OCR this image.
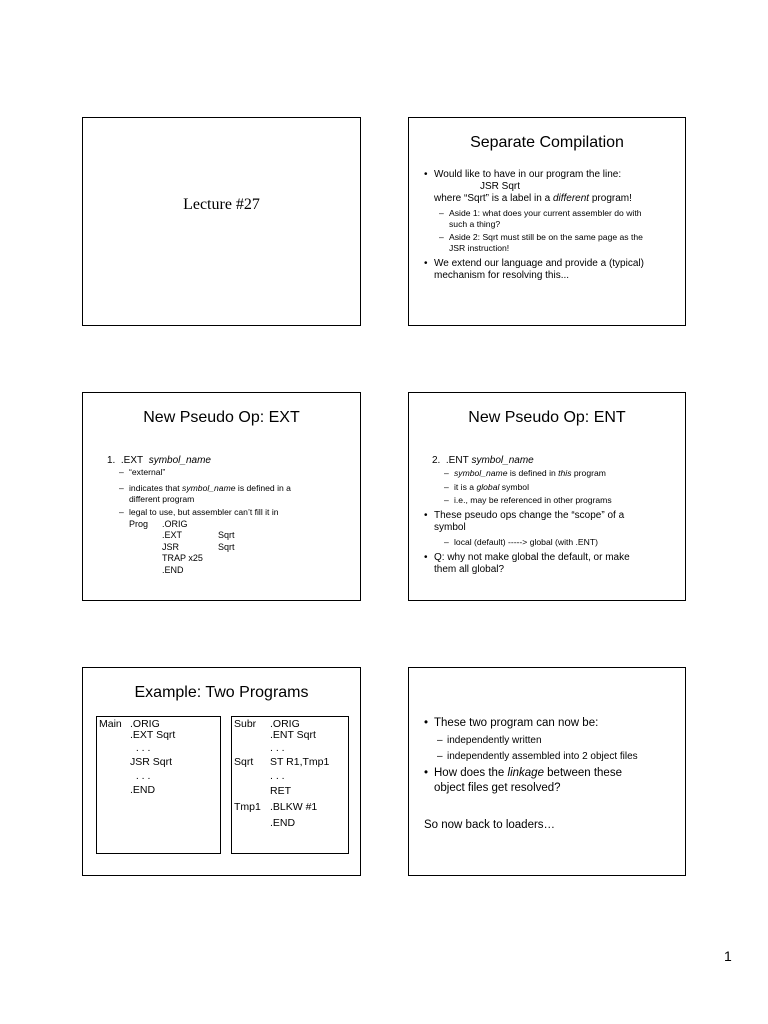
Lecture #27
Separate Compilation
• Would like to have in our program the line:
JSR Sqrt
where “Sqrt” is a label in a different program!
– Aside 1: what does your current assembler do with
such a thing?
– Aside 2: Sqrt must still be on the same page as the
JSR instruction!
• We extend our language and provide a (typical)
mechanism for resolving this...
New Pseudo Op: EXT
1. .EXT symbol_name
– “external”
– indicates that symbol_name is defined in a
different program
– legal to use, but assembler can’t fill it in
Prog .ORIG
.EXT	Sqrt
JSR	Sqrt
TRAP x25
.END
New Pseudo Op: ENT
2. .ENT symbol_name
– symbol_name is defined in this program
– it is a global symbol
– i.e., may be referenced in other programs
• These pseudo ops change the “scope” of a
symbol
– local (default) -----> global (with .ENT)
• Q: why not make global the default, or make
them all global?
Example: Two Programs
Main .ORIG
.EXT Sqrt
. . .
JSR Sqrt
. . .
.END
Subr .ORIG
.ENT Sqrt
. . .
Sqrt ST R1,Tmp1
. . .
RET
Tmp1 .BLKW #1
.END
• These two program can now be:
– independently written
– independently assembled into 2 object files
• How does the linkage between these
object files get resolved?
So now back to loaders…
1
